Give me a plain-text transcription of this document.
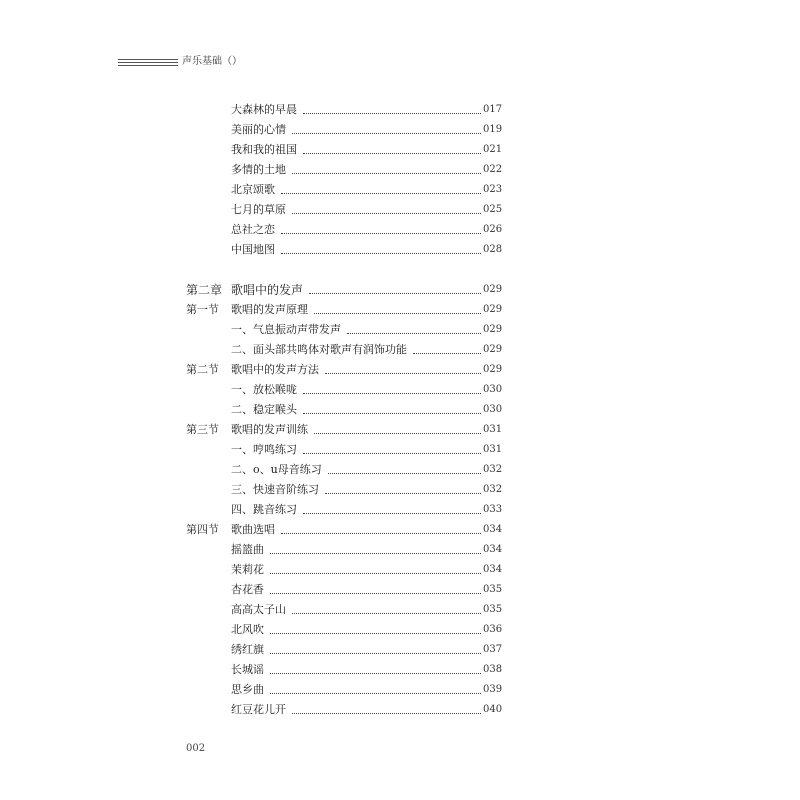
声乐基础（）
大森林的早晨	017
美丽的心情	019
我和我的祖国	021
多情的土地	022
北京颂歌	023
七月的草原	025
总社之恋	026
中国地图	028
第二章 歌唱中的发声	029
第一节 歌唱的发声原理	029
一、气息振动声带发声	029
二、面头部共鸣体对歌声有润饰功能	029
第二节 歌唱中的发声方法	029
一、放松喉咙	030
二、稳定喉头	030
第三节 歌唱的发声训练	031
一、哼鸣练习	031
二、o、u母音练习	032
三、快速音阶练习	032
四、跳音练习	033
第四节 歌曲选唱	034
摇篮曲	034
茉莉花	034
杏花香	035
高高太子山	035
北风吹	036
绣红旗	037
长城谣	038
思乡曲	039
红豆花儿开	040
002
